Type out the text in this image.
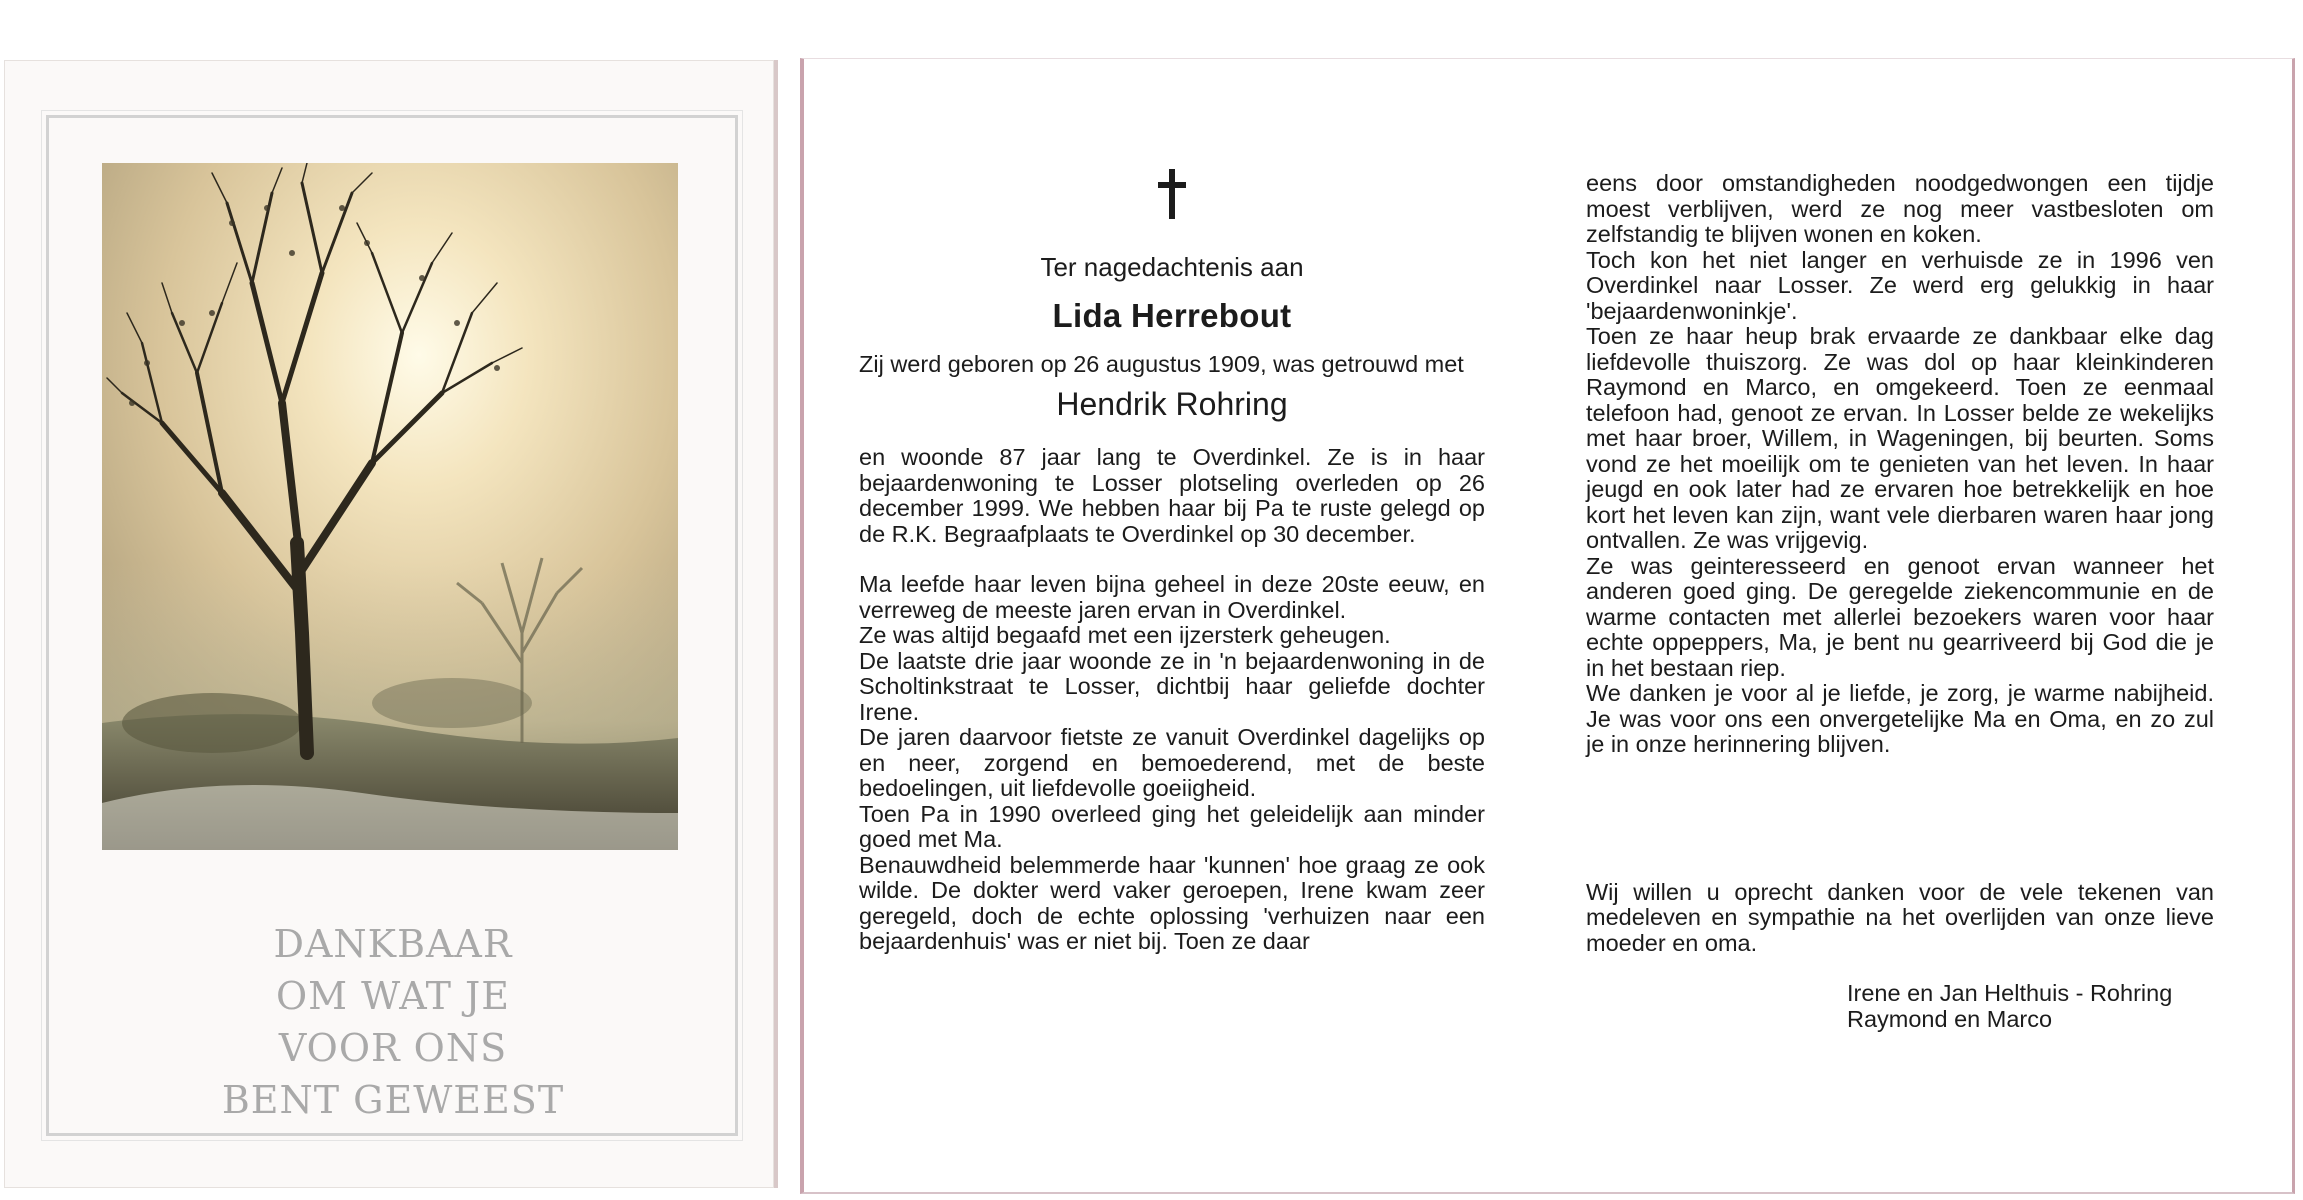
DANKBAAR
OM WAT JE
VOOR ONS
BENT GEWEEST
Ter nagedachtenis aan
Lida Herrebout

Zij werd geboren op 26 augustus 1909, was getrouwd met

Hendrik Rohring

en woonde 87 jaar lang te Overdinkel. Ze is in haar bejaardenwoning te Losser plotseling overleden op 26 december 1999. We hebben haar bij Pa te ruste gelegd op de R.K. Begraafplaats te Overdinkel op 30 december.

Ma leefde haar leven bijna geheel in deze 20ste eeuw, en verreweg de meeste jaren ervan in Overdinkel.

Ze was altijd begaafd met een ijzersterk geheugen.

De laatste drie jaar woonde ze in 'n bejaardenwoning in de Scholtinkstraat te Losser, dichtbij haar geliefde dochter Irene.

De jaren daarvoor fietste ze vanuit Overdinkel dagelijks op en neer, zorgend en bemoederend, met de beste bedoelingen, uit liefdevolle goeiigheid.

Toen Pa in 1990 overleed ging het geleidelijk aan minder goed met Ma.

Benauwdheid belemmerde haar 'kunnen' hoe graag ze ook wilde. De dokter werd vaker geroepen, Irene kwam zeer geregeld, doch de echte oplossing 'verhuizen naar een bejaardenhuis' was er niet bij. Toen ze daar

eens door omstandigheden noodgedwongen een tijdje moest verblijven, werd ze nog meer vastbesloten om zelfstandig te blijven wonen en koken.

Toch kon het niet langer en verhuisde ze in 1996 ven Overdinkel naar Losser. Ze werd erg gelukkig in haar 'bejaardenwoninkje'.

Toen ze haar heup brak ervaarde ze dankbaar elke dag liefdevolle thuiszorg. Ze was dol op haar kleinkinderen Raymond en Marco, en omgekeerd. Toen ze eenmaal telefoon had, genoot ze ervan. In Losser belde ze wekelijks met haar broer, Willem, in Wageningen, bij beurten. Soms vond ze het moeilijk om te genieten van het leven. In haar jeugd en ook later had ze ervaren hoe betrekkelijk en hoe kort het leven kan zijn, want vele dierbaren waren haar jong ontvallen. Ze was vrijgevig.

Ze was geinteresseerd en genoot ervan wanneer het anderen goed ging. De geregelde ziekencommunie en de warme contacten met allerlei bezoekers waren voor haar echte oppeppers, Ma, je bent nu gearriveerd bij God die je in het bestaan riep.

We danken je voor al je liefde, je zorg, je warme nabijheid. Je was voor ons een onvergetelijke Ma en Oma, en zo zul je in onze herinnering blijven.

Wij willen u oprecht danken voor de vele tekenen van medeleven en sympathie na het overlijden van onze lieve moeder en oma.

Irene en Jan Helthuis - Rohring
Raymond en Marco
